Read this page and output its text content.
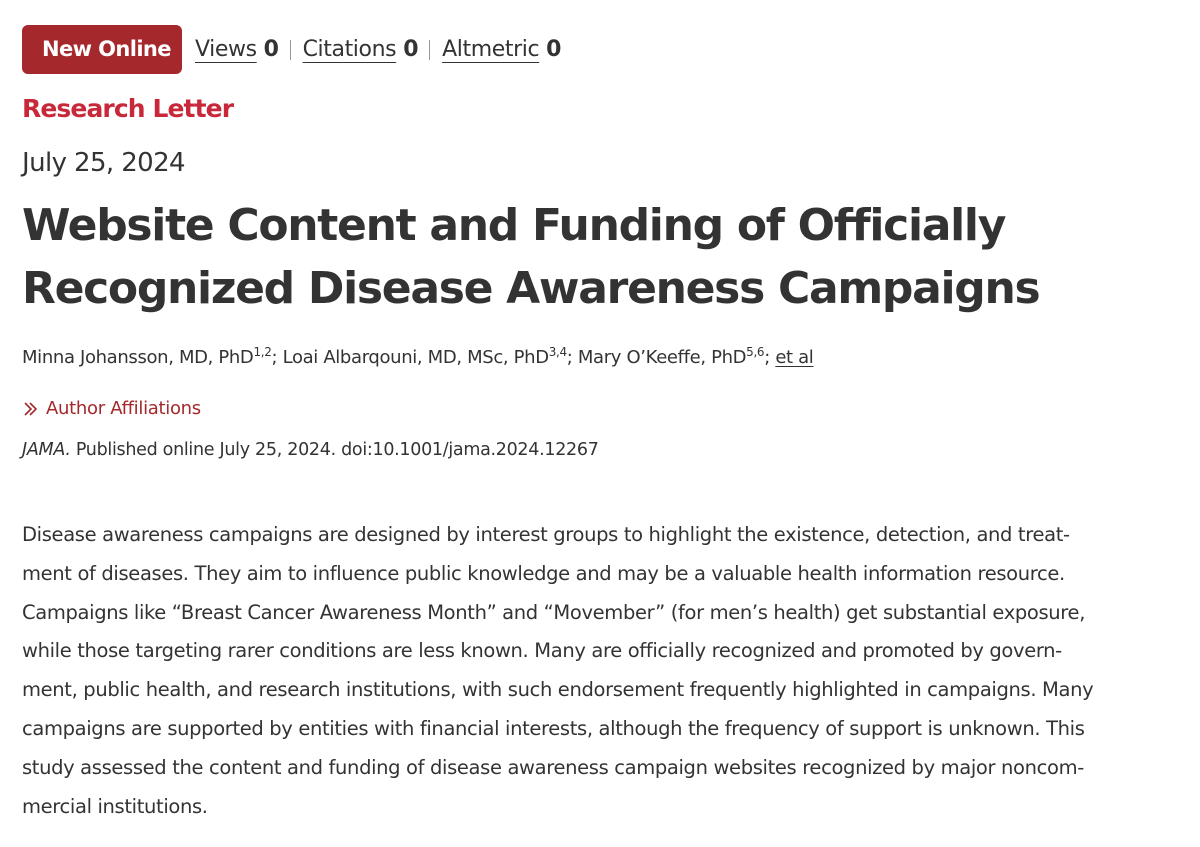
New Online	Views 0 Citations 0 Altmetric 0
Research Letter
July 25, 2024
Website Content and Funding of Officially
Recognized Disease Awareness Campaigns
Minna Johansson, MD, PhD$^{1,2}$; Loai Albarqouni, MD, MSc, PhD$^{3,4}$; Mary O’Keeffe, PhD$^{5,6}$; et al
Author Affiliations
JAMA. Published online July 25, 2024. doi:10.1001/jama.2024.12267

Disease awareness campaigns are designed by interest groups to highlight the existence, detection, and treat-
ment of diseases. They aim to influence public knowledge and may be a valuable health information resource.
Campaigns like “Breast Cancer Awareness Month” and “Movember” (for men’s health) get substantial exposure,
while those targeting rarer conditions are less known. Many are officially recognized and promoted by govern-
ment, public health, and research institutions, with such endorsement frequently highlighted in campaigns. Many
campaigns are supported by entities with financial interests, although the frequency of support is unknown. This
study assessed the content and funding of disease awareness campaign websites recognized by major noncom-
mercial institutions.
